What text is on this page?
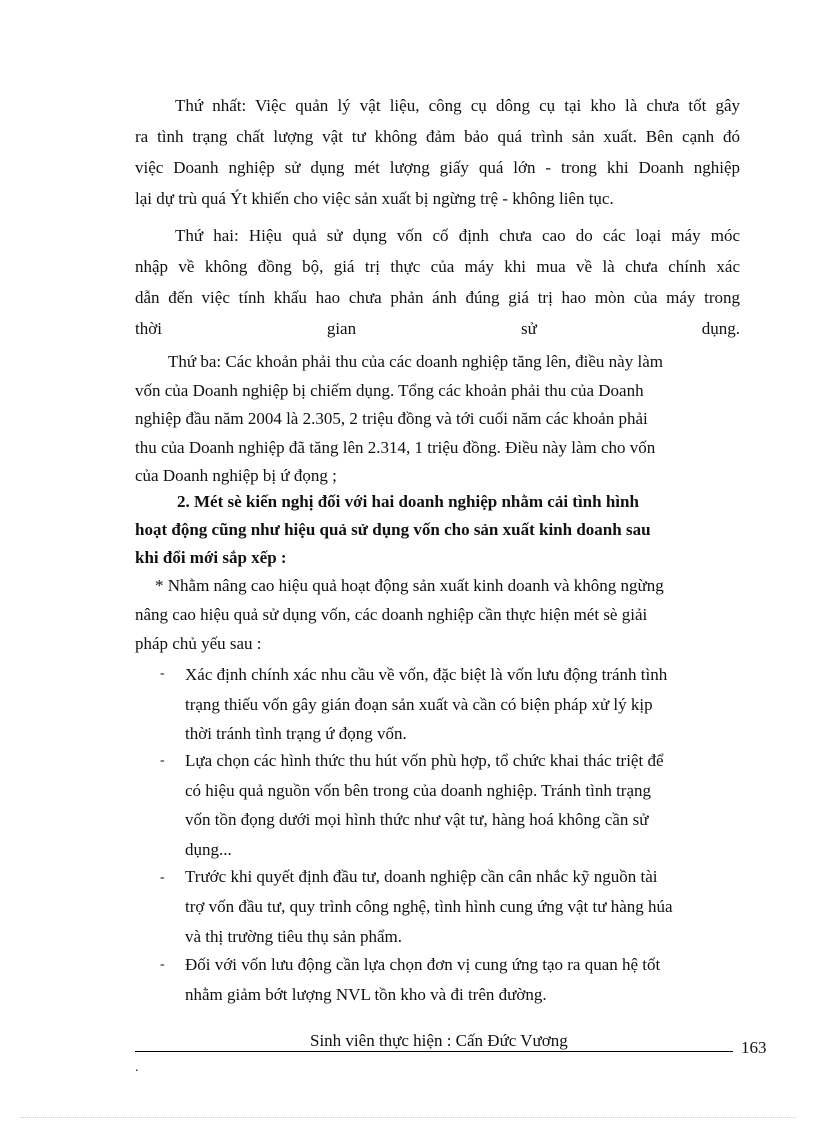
Thứ nhất: Việc quản lý vật liệu, công cụ dông cụ tại kho là chưa tốt gây
ra tình trạng chất lượng vật tư không đảm bảo quá trình sản xuất. Bên cạnh đó
việc Doanh nghiệp sử dụng mét lượng giấy quá lớn - trong khi Doanh nghiệp
lại dự trù quá Ýt khiến cho việc sản xuất bị ngừng trệ - không liên tục.
Thứ hai: Hiệu quả sử dụng vốn cố định chưa cao do các loại máy móc
nhập về không đồng bộ, giá trị thực của máy khi mua về là chưa chính xác
dẫn đến việc tính khấu hao chưa phản ánh đúng giá trị hao mòn của máy trong
thời gian sử dụng.
Thứ ba: Các khoản phải thu của các doanh nghiệp tăng lên, điều này làm
vốn của Doanh nghiệp bị chiếm dụng. Tổng các khoản phải thu của Doanh
nghiệp đầu năm 2004 là 2.305, 2 triệu đồng và tới cuối năm các khoản phải
thu của Doanh nghiệp đã tăng lên 2.314, 1 triệu đồng. Điều này làm cho vốn
của Doanh nghiệp bị ứ đọng ;
2. Mét sè kiến nghị đối với hai doanh nghiệp nhằm cải tình hình
hoạt động cũng như hiệu quả sử dụng vốn cho sản xuất kinh doanh sau
khi đổi mới sắp xếp :
* Nhằm nâng cao hiệu quả hoạt động sản xuất kinh doanh và không ngừng
nâng cao hiệu quả sử dụng vốn, các doanh nghiệp cần thực hiện mét sè giải
pháp chủ yếu sau :
- Xác định chính xác nhu cầu về vốn, đặc biệt là vốn lưu động tránh tình
trạng thiếu vốn gây gián đoạn sản xuất và cần có biện pháp xử lý kịp
thời tránh tình trạng ứ đọng vốn.
- Lựa chọn các hình thức thu hút vốn phù hợp, tổ chức khai thác triệt để
có hiệu quả nguồn vốn bên trong của doanh nghiệp. Tránh tình trạng
vốn tồn đọng dưới mọi hình thức như vật tư, hàng hoá không cần sử
dụng...
- Trước khi quyết định đầu tư, doanh nghiệp cần cân nhắc kỹ nguồn tài
trợ vốn đầu tư, quy trình công nghệ, tình hình cung ứng vật tư hàng húa
và thị trường tiêu thụ sản phẩm.
- Đối với vốn lưu động cần lựa chọn đơn vị cung ứng tạo ra quan hệ tốt
nhằm giảm bớt lượng NVL tồn kho và đi trên đường.
Sinh viên thực hiện : Cấn Đức Vương	163
.
